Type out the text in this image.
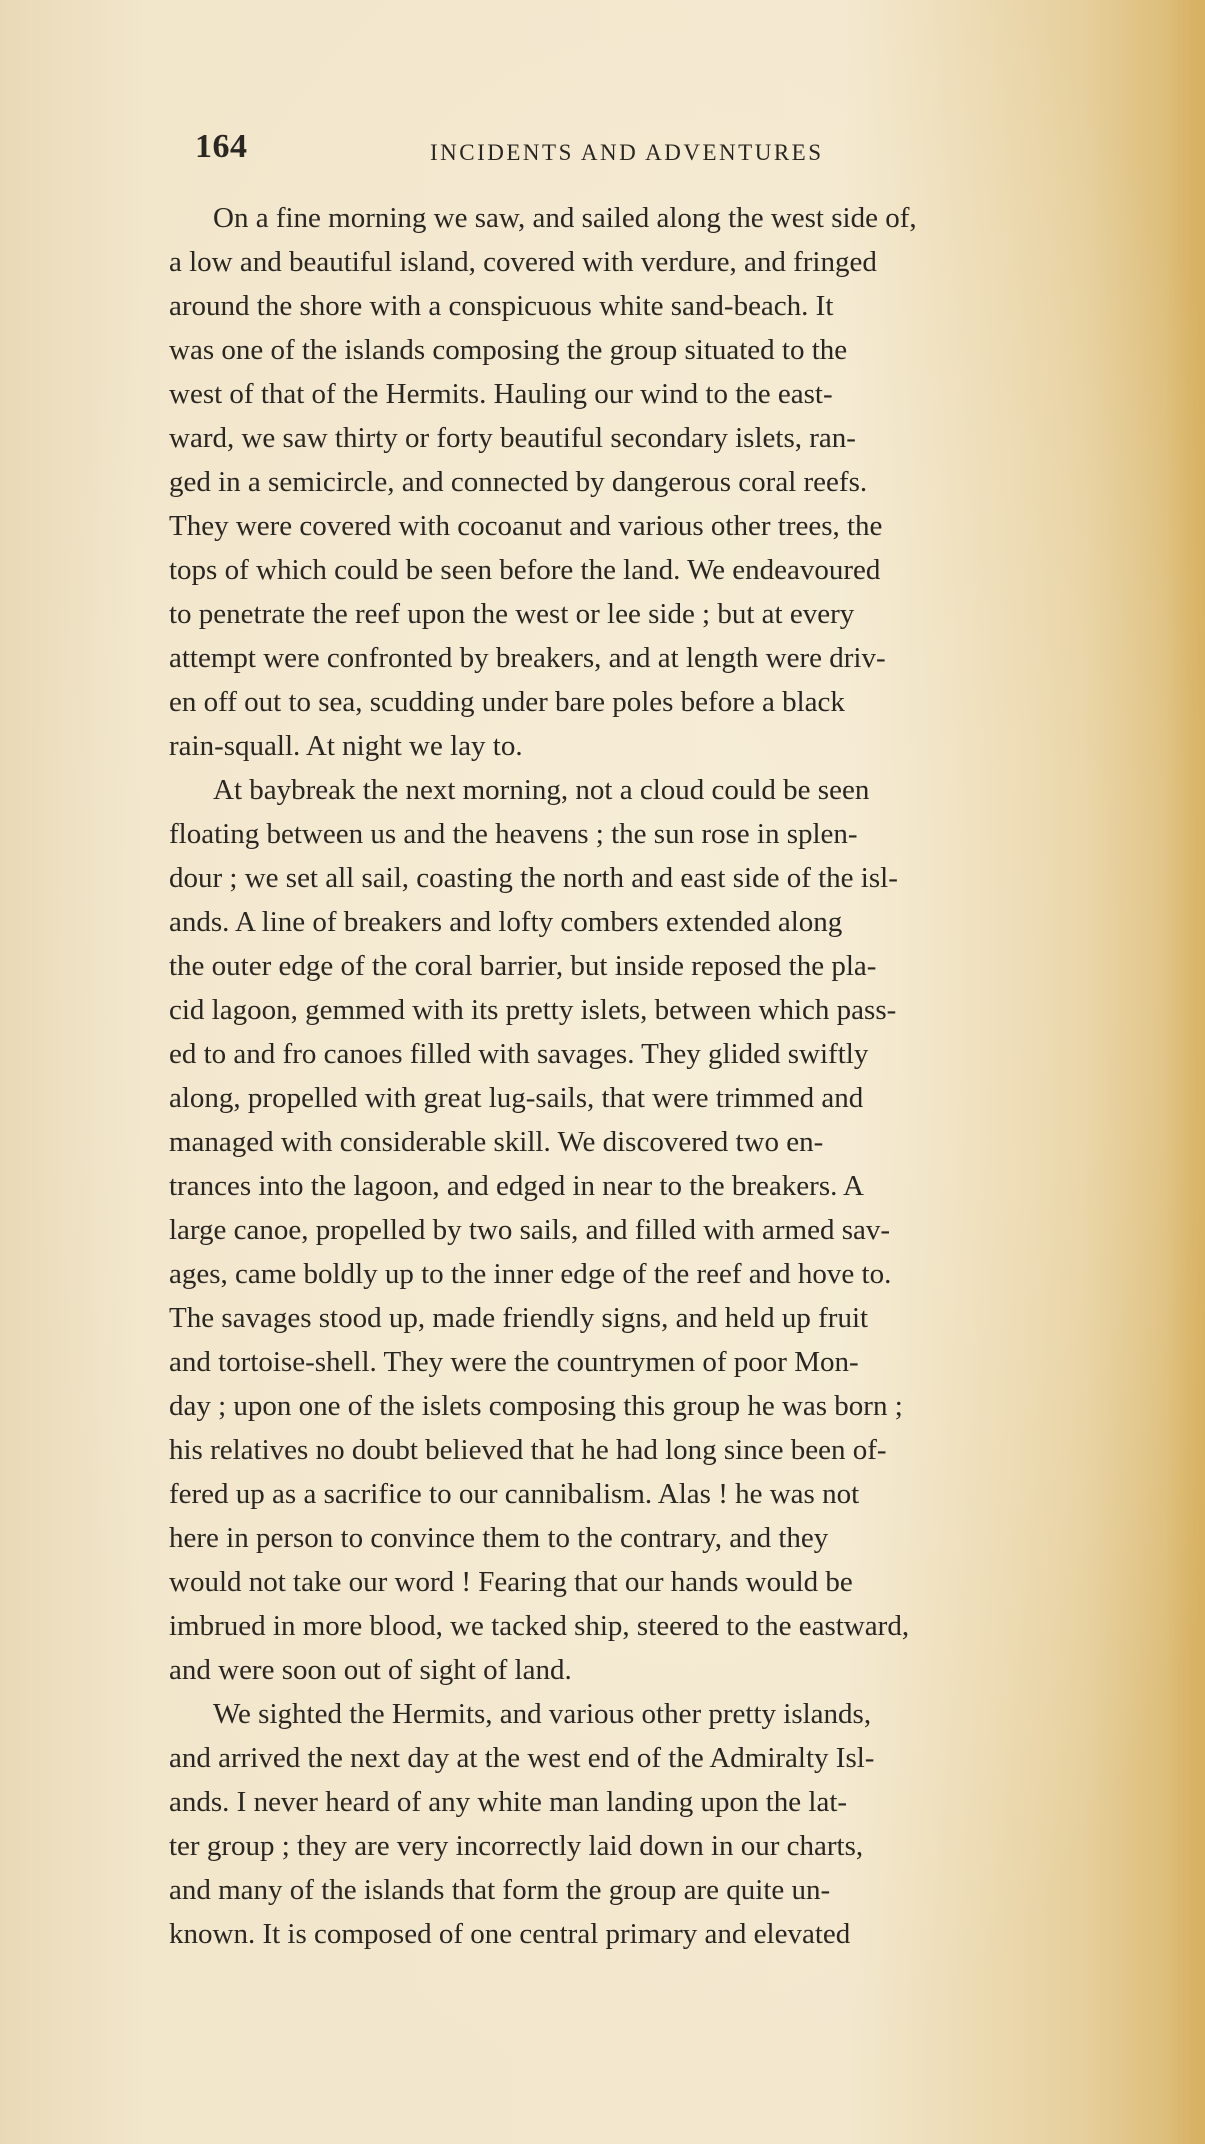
164	INCIDENTS AND ADVENTURES
On a fine morning we saw, and sailed along the west side of,
a low and beautiful island, covered with verdure, and fringed
around the shore with a conspicuous white sand-beach. It
was one of the islands composing the group situated to the
west of that of the Hermits. Hauling our wind to the east-
ward, we saw thirty or forty beautiful secondary islets, ran-
ged in a semicircle, and connected by dangerous coral reefs.
They were covered with cocoanut and various other trees, the
tops of which could be seen before the land. We endeavoured
to penetrate the reef upon the west or lee side ; but at every
attempt were confronted by breakers, and at length were driv-
en off out to sea, scudding under bare poles before a black
rain-squall. At night we lay to.
At baybreak the next morning, not a cloud could be seen
floating between us and the heavens ; the sun rose in splen-
dour ; we set all sail, coasting the north and east side of the isl-
ands. A line of breakers and lofty combers extended along
the outer edge of the coral barrier, but inside reposed the pla-
cid lagoon, gemmed with its pretty islets, between which pass-
ed to and fro canoes filled with savages. They glided swiftly
along, propelled with great lug-sails, that were trimmed and
managed with considerable skill. We discovered two en-
trances into the lagoon, and edged in near to the breakers. A
large canoe, propelled by two sails, and filled with armed sav-
ages, came boldly up to the inner edge of the reef and hove to.
The savages stood up, made friendly signs, and held up fruit
and tortoise-shell. They were the countrymen of poor Mon-
day ; upon one of the islets composing this group he was born ;
his relatives no doubt believed that he had long since been of-
fered up as a sacrifice to our cannibalism. Alas ! he was not
here in person to convince them to the contrary, and they
would not take our word ! Fearing that our hands would be
imbrued in more blood, we tacked ship, steered to the eastward,
and were soon out of sight of land.
We sighted the Hermits, and various other pretty islands,
and arrived the next day at the west end of the Admiralty Isl-
ands. I never heard of any white man landing upon the lat-
ter group ; they are very incorrectly laid down in our charts,
and many of the islands that form the group are quite un-
known. It is composed of one central primary and elevated
